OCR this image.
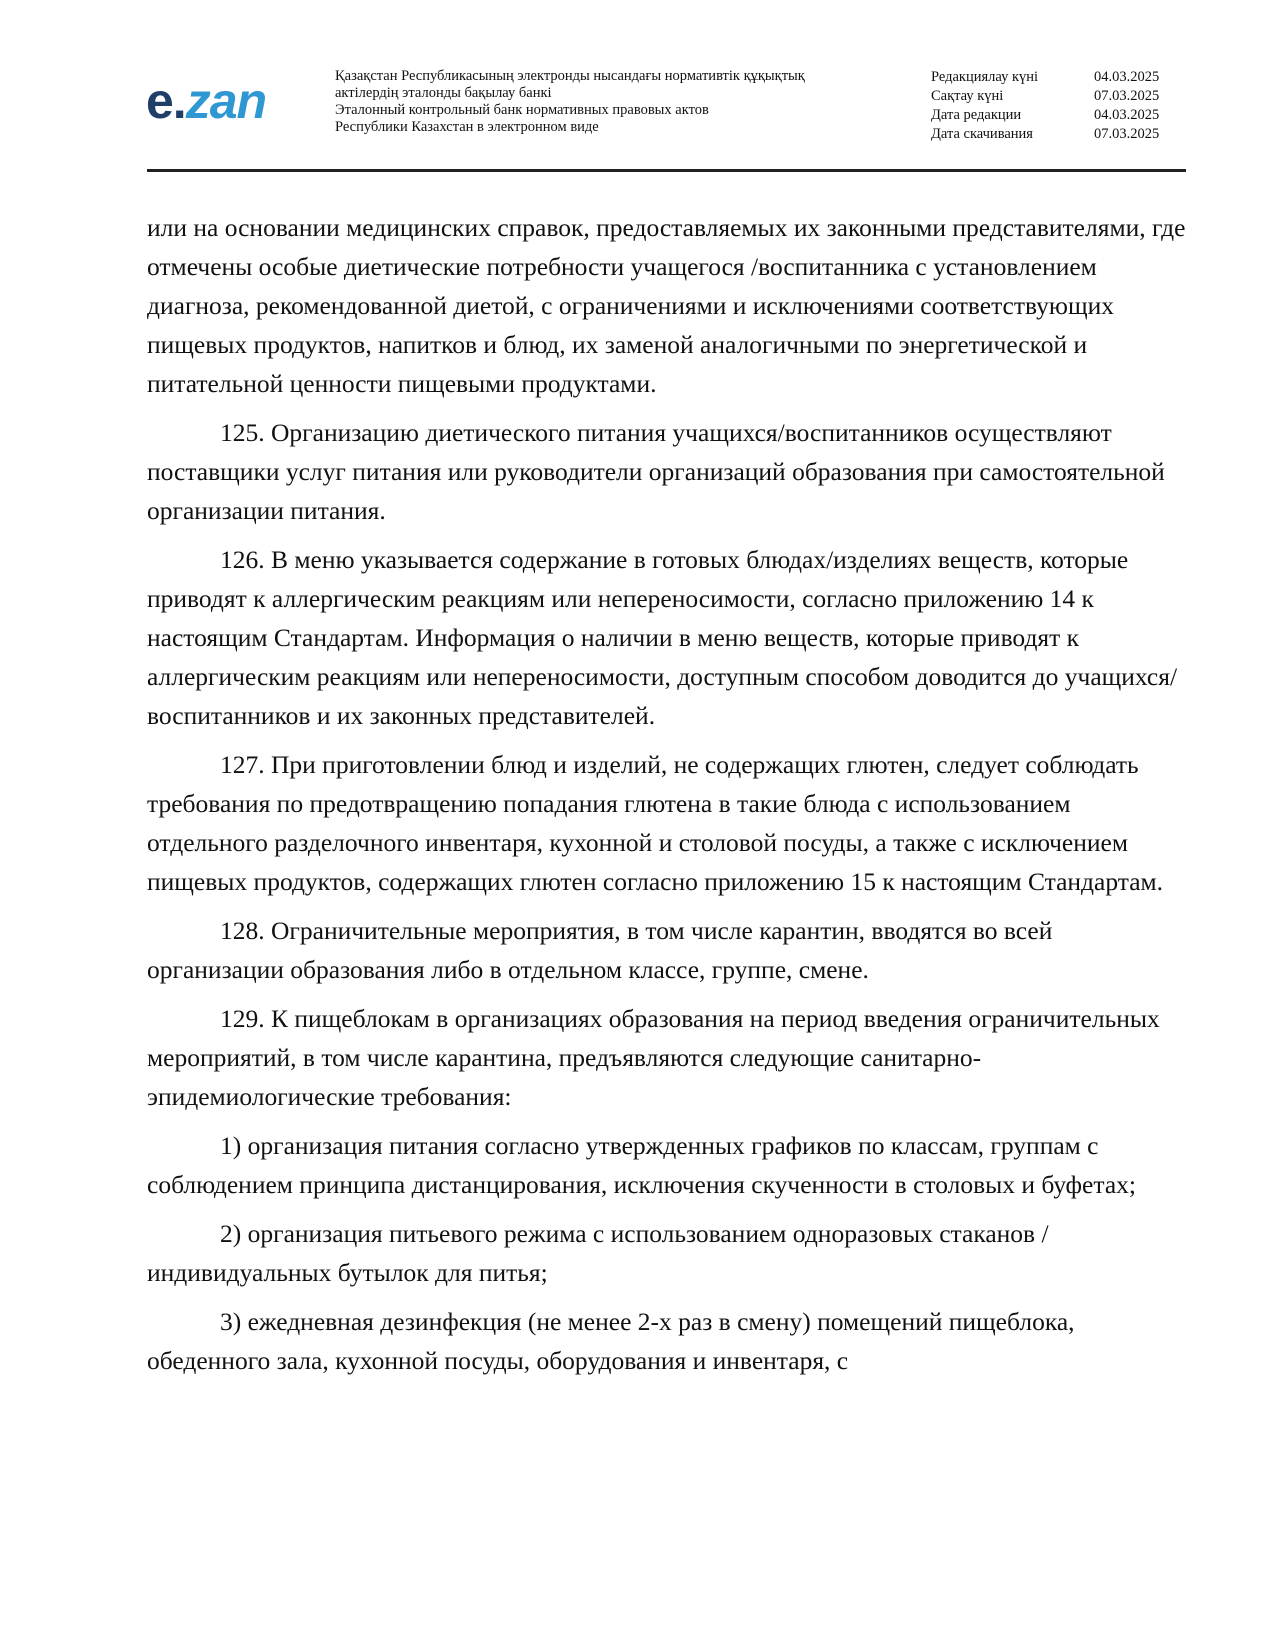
e.zan	Қазақстан Республикасының электронды нысандағы нормативтік құқықтық
актілердің эталонды бақылау банкі
Эталонный контрольный банк нормативных правовых актов
Республики Казахстан в электронном виде
Редакциялау күні	04.03.2025
Сақтау күні	07.03.2025
Дата редакции	04.03.2025
Дата скачивания	07.03.2025

или на основании медицинских справок, предоставляемых их законными представителями, где отмечены особые диетические потребности учащегося /воспитанника с установлением диагноза, рекомендованной диетой, с ограничениями и исключениями соответствующих пищевых продуктов, напитков и блюд, их заменой аналогичными по энергетической и питательной ценности пищевыми продуктами.

125. Организацию диетического питания учащихся/воспитанников осуществляют поставщики услуг питания или руководители организаций образования при самостоятельной организации питания.

126. В меню указывается содержание в готовых блюдах/изделиях веществ, которые приводят к аллергическим реакциям или непереносимости, согласно приложению 14 к настоящим Стандартам. Информация о наличии в меню веществ, которые приводят к аллергическим реакциям или непереносимости, доступным способом доводится до учащихся/воспитанников и их законных представителей.

127. При приготовлении блюд и изделий, не содержащих глютен, следует соблюдать требования по предотвращению попадания глютена в такие блюда с использованием отдельного разделочного инвентаря, кухонной и столовой посуды, а также с исключением пищевых продуктов, содержащих глютен согласно приложению 15 к настоящим Стандартам.

128. Ограничительные мероприятия, в том числе карантин, вводятся во всей организации образования либо в отдельном классе, группе, смене.

129. К пищеблокам в организациях образования на период введения ограничительных мероприятий, в том числе карантина, предъявляются следующие санитарно-эпидемиологические требования:

1) организация питания согласно утвержденных графиков по классам, группам с соблюдением принципа дистанцирования, исключения скученности в столовых и буфетах;

2) организация питьевого режима с использованием одноразовых стаканов /индивидуальных бутылок для питья;

3) ежедневная дезинфекция (не менее 2-х раз в смену) помещений пищеблока, обеденного зала, кухонной посуды, оборудования и инвентаря, с
